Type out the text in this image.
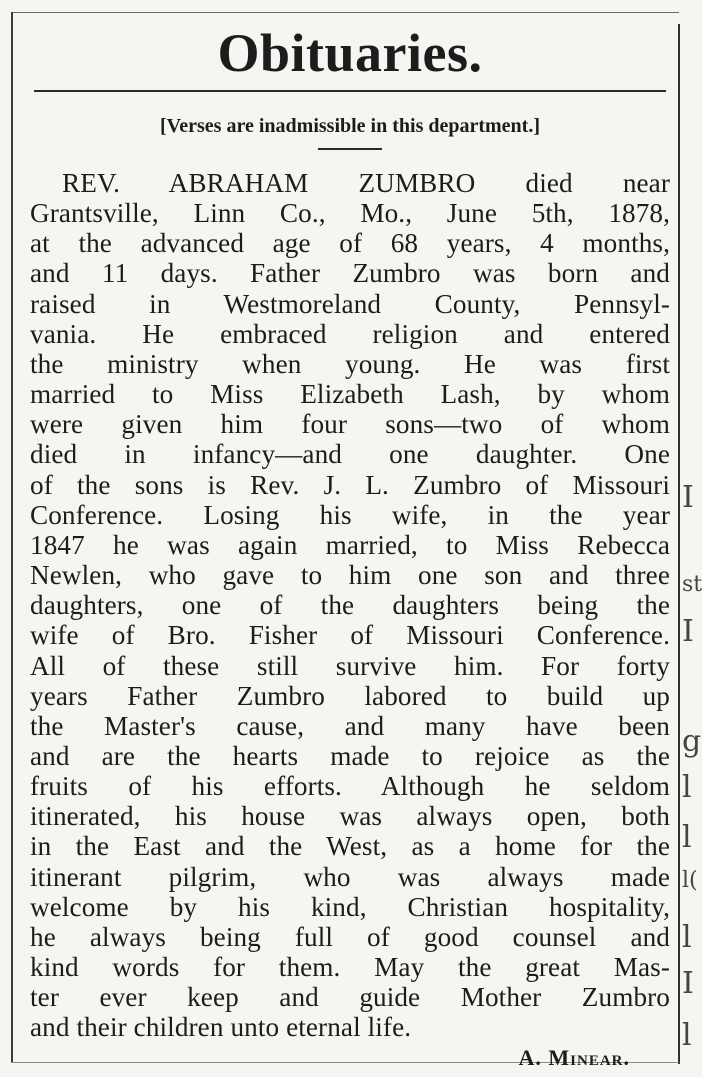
I
st
I
g
l
l
l(
l
I
l
Obituaries.

[Verses are inadmissible in this department.]

REV. ABRAHAM ZUMBRO died near
Grantsville, Linn Co., Mo., June 5th, 1878,
at the advanced age of 68 years, 4 months,
and 11 days. Father Zumbro was born and
raised in Westmoreland County, Pennsyl-
vania. He embraced religion and entered
the ministry when young. He was first
married to Miss Elizabeth Lash, by whom
were given him four sons—two of whom
died in infancy—and one daughter. One
of the sons is Rev. J. L. Zumbro of Missouri
Conference. Losing his wife, in the year
1847 he was again married, to Miss Rebecca
Newlen, who gave to him one son and three
daughters, one of the daughters being the
wife of Bro. Fisher of Missouri Conference.
All of these still survive him. For forty
years Father Zumbro labored to build up
the Master's cause, and many have been
and are the hearts made to rejoice as the
fruits of his efforts. Although he seldom
itinerated, his house was always open, both
in the East and the West, as a home for the
itinerant pilgrim, who was always made
welcome by his kind, Christian hospitality,
he always being full of good counsel and
kind words for them. May the great Mas-
ter ever keep and guide Mother Zumbro
and their children unto eternal life.
A. Minear.
